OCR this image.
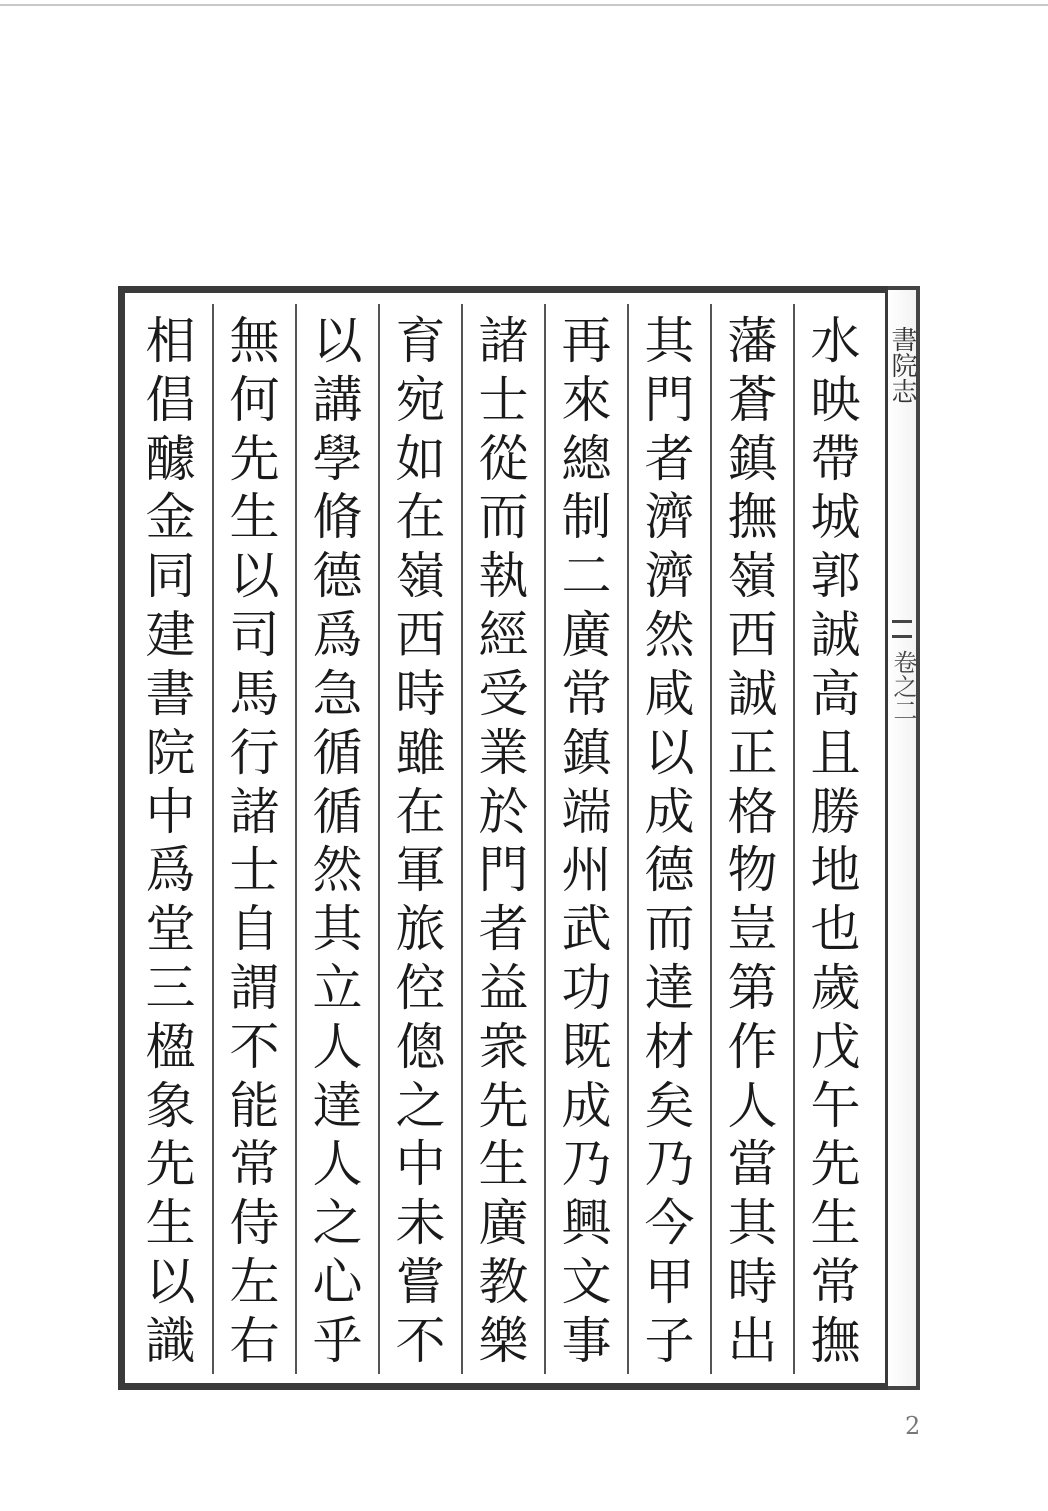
水
映
帶
城
郭
誠
高
且
勝
地
也
歲
戊
午
先
生
常
撫
藩
蒼
鎮
撫
嶺
西
誠
正
格
物
豈
第
作
人
當
其
時
出
其
門
者
濟
濟
然
咸
以
成
德
而
達
材
矣
乃
今
甲
子
再
來
總
制
二
廣
常
鎮
端
州
武
功
既
成
乃
興
文
事
諸
士
從
而
執
經
受
業
於
門
者
益
衆
先
生
廣
教
樂
育
宛
如
在
嶺
西
時
雖
在
軍
旅
倥
傯
之
中
未
嘗
不
以
講
學
脩
德
爲
急
循
循
然
其
立
人
達
人
之
心
乎
無
何
先
生
以
司
馬
行
諸
士
自
謂
不
能
常
侍
左
右
相
倡
醵
金
同
建
書
院
中
爲
堂
三
楹
象
先
生
以
識
書院志
卷之二
2
